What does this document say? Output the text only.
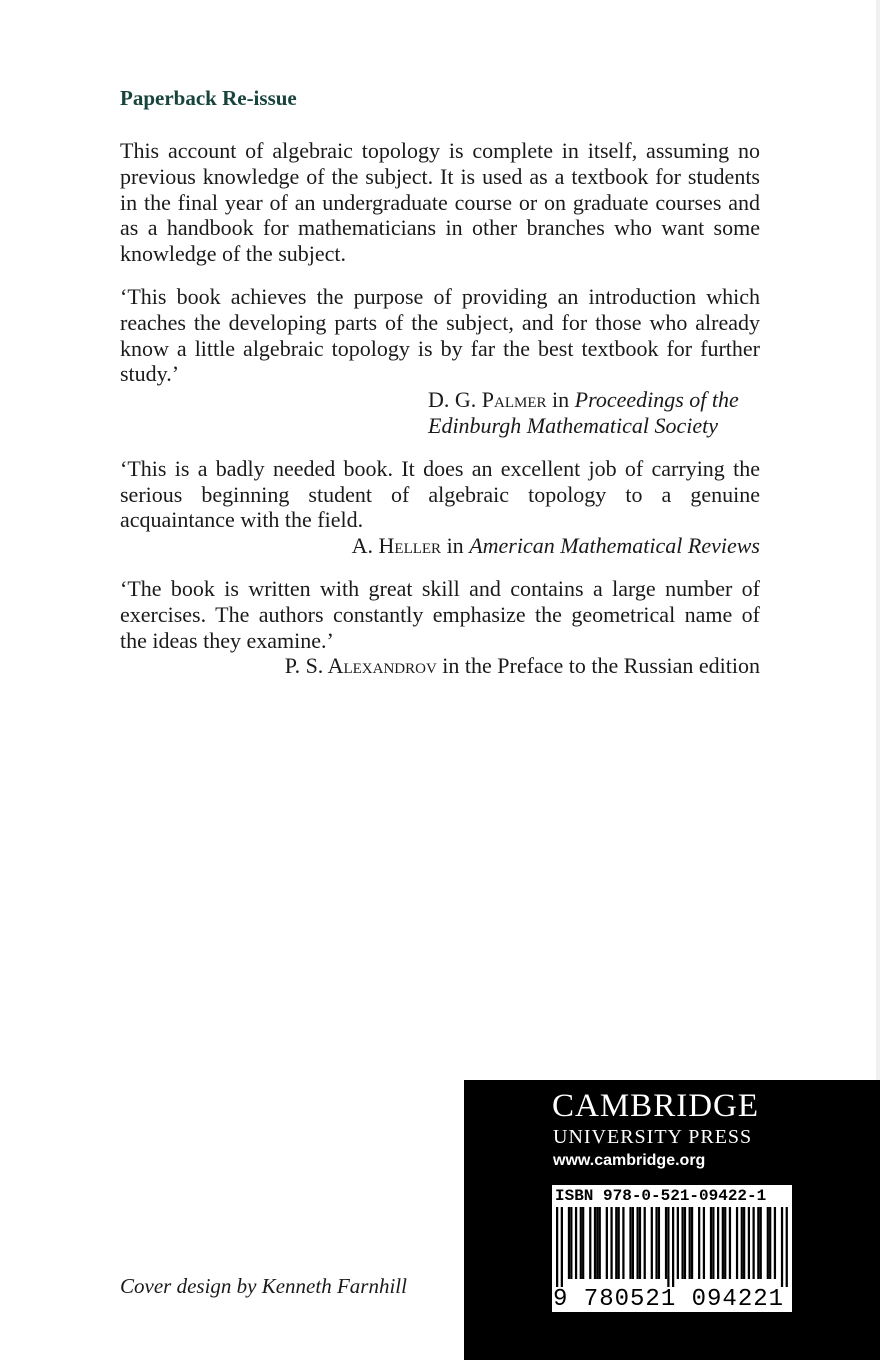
Paperback Re-issue

This account of algebraic topology is complete in itself, assuming no previous knowledge of the subject. It is used as a textbook for students in the final year of an undergraduate course or on graduate courses and as a handbook for mathematicians in other branches who want some knowledge of the subject.

‘This book achieves the purpose of providing an introduction which reaches the developing parts of the subject, and for those who already know a little algebraic topology is by far the best textbook for further study.’

D. G. Palmer in Proceedings of the
Edinburgh Mathematical Society

‘This is a badly needed book. It does an excellent job of carrying the serious beginning student of algebraic topology to a genuine acquaintance with the field.

A. Heller in American Mathematical Reviews

‘The book is written with great skill and contains a large number of exercises. The authors constantly emphasize the geometrical name of the ideas they examine.’

P. S. Alexandrov in the Preface to the Russian edition

Cover design by Kenneth Farnhill
CAMBRIDGE
UNIVERSITY PRESS
www.cambridge.org
ISBN 978-0-521-09422-1
9 780521 094221 >
